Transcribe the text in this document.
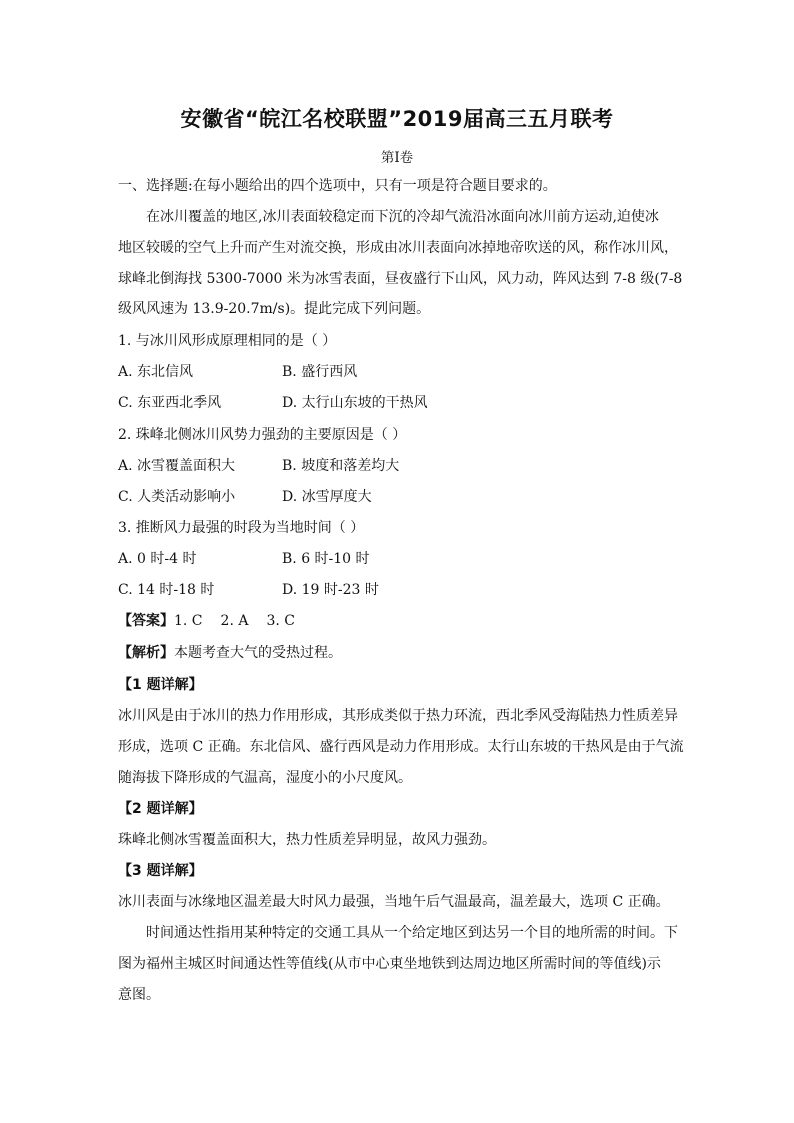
安徽省“皖江名校联盟”2019届高三五月联考
第I卷
一、选择题:在每小题给出的四个选项中，只有一项是符合题目要求的。
在冰川覆盖的地区,冰川表面较稳定而下沉的冷却气流沿冰面向冰川前方运动,迫使冰
地区较暖的空气上升而产生对流交换，形成由冰川表面向冰掉地帝吹送的风，称作冰川风，
球峰北倒海找 5300-7000 米为冰雪表面，昼夜盛行下山风，风力动，阵风达到 7-8 级(7-8
级风风速为 13.9-20.7m/s)。提此完成下列问题。
1. 与冰川风形成原理相同的是（ ）
A. 东北信风	B. 盛行西风
C. 东亚西北季风	D. 太行山东坡的干热风
2. 珠峰北侧冰川风势力强劲的主要原因是（ ）
A. 冰雪覆盖面积大	B. 坡度和落差均大
C. 人类活动影响小	D. 冰雪厚度大
3. 推断风力最强的时段为当地时间（ ）
A. 0 时-4 时	B. 6 时-10 时
C. 14 时-18 时	D. 19 时-23 时
【答案】1. C 2. A 3. C
【解析】本题考查大气的受热过程。
【1 题详解】
冰川风是由于冰川的热力作用形成，其形成类似于热力环流，西北季风受海陆热力性质差异
形成，选项 C 正确。东北信风、盛行西风是动力作用形成。太行山东坡的干热风是由于气流
随海拔下降形成的气温高，湿度小的小尺度风。
【2 题详解】
珠峰北侧冰雪覆盖面积大，热力性质差异明显，故风力强劲。
【3 题详解】
冰川表面与冰缘地区温差最大时风力最强，当地午后气温最高，温差最大，选项 C 正确。
时间通达性指用某种特定的交通工具从一个给定地区到达另一个目的地所需的时间。下
图为福州主城区时间通达性等值线(从市中心東坐地铁到达周边地区所需时间的等值线)示
意图。
